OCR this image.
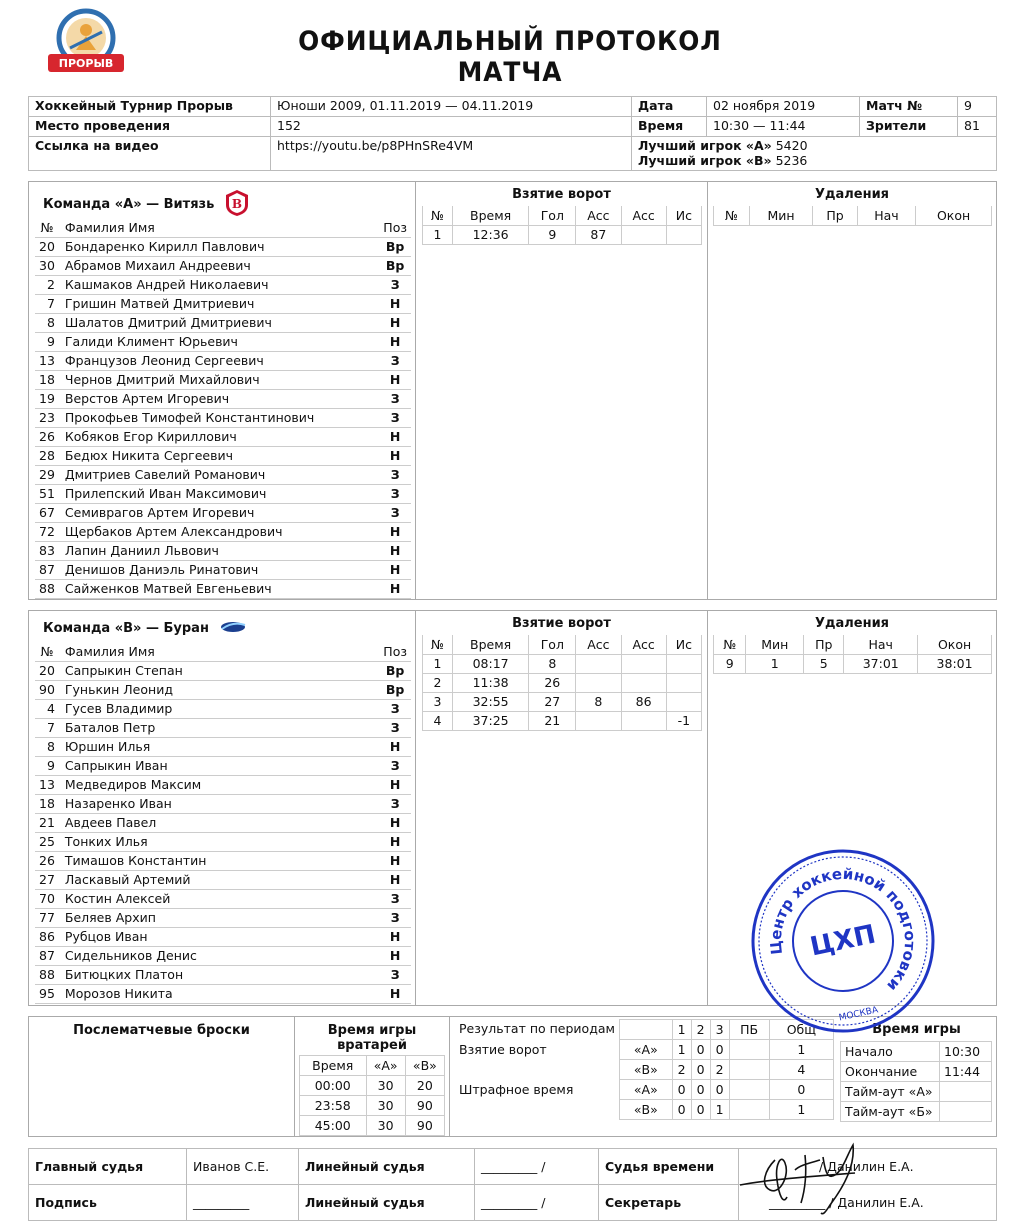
ПРОРЫВ
ОФИЦИАЛЬНЫЙ ПРОТОКОЛ МАТЧА
Хоккейный Турнир Прорыв	Юноши 2009, 01.11.2019 — 04.11.2019	Дата	02 ноября 2019	Матч №	9
Место проведения	152	Время	10:30 — 11:44	Зрители	81
Ссылка на видео	https://youtu.be/p8PHnSRe4VM	Лучший игрок «А» 5420
Лучший игрок «В» 5236			
Команда «А» — Витязь В
№	Фамилия Имя	Поз
20	Бондаренко Кирилл Павлович	Вр
30	Абрамов Михаил Андреевич	Вр
2	Кашмаков Андрей Николаевич	З
7	Гришин Матвей Дмитриевич	Н
8	Шалатов Дмитрий Дмитриевич	Н
9	Галиди Климент Юрьевич	Н
13	Французов Леонид Сергеевич	З
18	Чернов Дмитрий Михайлович	Н
19	Верстов Артем Игоревич	З
23	Прокофьев Тимофей Константинович	З
26	Кобяков Егор Кириллович	Н
28	Бедюх Никита Сергеевич	Н
29	Дмитриев Савелий Романович	З
51	Прилепский Иван Максимович	З
67	Семиврагов Артем Игоревич	З
72	Щербаков Артем Александрович	Н
83	Лапин Даниил Львович	Н
87	Денишов Даниэль Ринатович	Н
88	Сайженков Матвей Евгеньевич	Н
Взятие ворот
№	Время	Гол	Асс	Асс	Ис
1	12:36	9	87		
Удаления
№	Мин	Пр	Нач	Окон
Команда «В» — Буран
№	Фамилия Имя	Поз
20	Сапрыкин Степан	Вр
90	Гунькин Леонид	Вр
4	Гусев Владимир	З
7	Баталов Петр	З
8	Юршин Илья	Н
9	Сапрыкин Иван	З
13	Медведиров Максим	Н
18	Назаренко Иван	З
21	Авдеев Павел	Н
25	Тонких Илья	Н
26	Тимашов Константин	Н
27	Ласкавый Артемий	Н
70	Костин Алексей	З
77	Беляев Архип	З
86	Рубцов Иван	Н
87	Сидельников Денис	Н
88	Битюцких Платон	З
95	Морозов Никита	Н
Взятие ворот
№	Время	Гол	Асс	Асс	Ис
1	08:17	8			
2	11:38	26			
3	32:55	27	8	86	
4	37:25	21			-1
Удаления
№	Мин	Пр	Нач	Окон
9	1	5	37:01	38:01
Послематчевые броски	Время игры вратарей
Время	«А»	«В»
00:00	30	20
23:58	30	90
45:00	30	90
Результат по периодам
Взятие ворот
Штрафное время
	1	2	3	ПБ	Общ
«А»	1	0	0		1
«В»	2	0	2		4
«А»	0	0	0		0
«В»	0	0	1		1
Время игры
Начало	10:30
Окончание	11:44
Тайм-аут «А»	
Тайм-аут «Б»	
Главный судья	Иванов С.Е.	Линейный судья	_________ /	Судья времени	/ Данилин Е.А.
Подпись	_________	Линейный судья	_________ /	Секретарь	_________ / Данилин Е.А.
Центр хоккейной подготовки
ЦХП
МОСКВА
